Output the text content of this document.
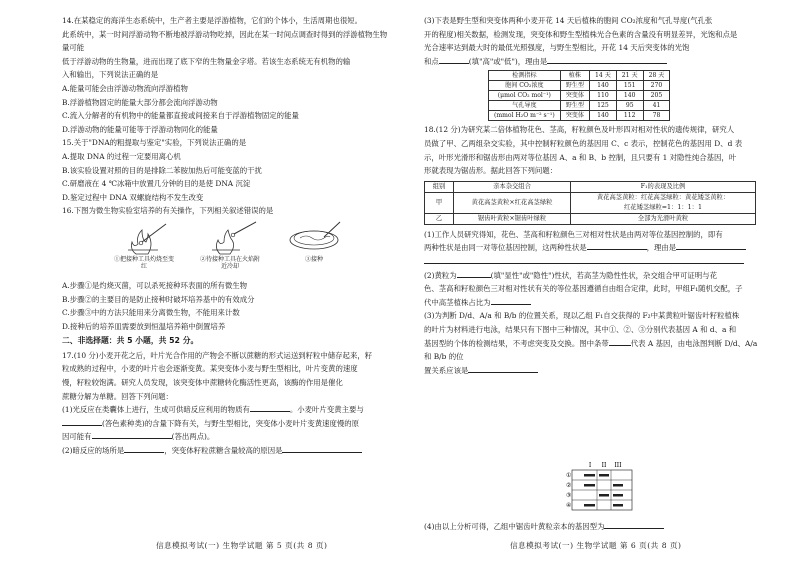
14.在某稳定的海洋生态系统中，生产者主要是浮游植物，它们的个体小，生活周期也很短。

此系统中，某一时间浮游动物不断地被浮游动物吃掉，因此在某一时间点调查时得到的浮游植物生物量可能

低于浮游动物的生物量，进而出现了底下窄的生物量金字塔。若该生态系统无有机物的输

入和输出，下列说法正确的是

A.能量可能会由浮游动物流向浮游植物

B.浮游植物固定的能量大部分都会流向浮游动物

C.流入分解者的有机物中的能量都直接或间接来自于浮游植物固定的能量

D.浮游动物的能量可能等于浮游动物同化的能量

15.关于"DNA的粗提取与鉴定"实验，下列说法正确的是

A.提取 DNA 的过程一定要用离心机

B.该实验设置对照的目的是排除二苯胺加热后可能变蓝的干扰

C.研磨液在 4 ℃冰箱中放置几分钟的目的是使 DNA 沉淀

D.鉴定过程中 DNA 双螺旋结构不发生改变

16.下图为微生物实验室培养的有关操作，下列相关叙述错误的是

①把接种工具灼烧至变红
②待接种工具在火焰附近冷却
③接种

A.步骤①是灼烧灭菌，可以杀死接种环表面的所有微生物

B.步骤②的主要目的是防止接种时破坏培养基中的有效成分

C.步骤③中的方法只能用来分离微生物，不能用来计数

D.接种后的培养皿需要放到恒温培养箱中倒置培养

二、非选择题：共 5 小题，共 52 分。

17.(10 分)小麦开花之后，叶片光合作用的产物会不断以蔗糖的形式运送到籽粒中储存起来，籽

粒成熟的过程中，小麦的叶片也会逐渐变黄。某突变体小麦与野生型相比，叶片变黄的速度

慢，籽粒较饱满。研究人员发现，该突变体中蔗糖转化酶活性更高，该酶的作用是催化

蔗糖分解为单糖。回答下列问题：

(1)光反应在类囊体上进行，生成可供暗反应利用的物质有	。小麦叶片变黄主要与

(答色素种类)的含量下降有关，与野生型相比，突变体小麦叶片变黄速度慢的原

因可能有	(答出两点)。

(2)暗反应的场所是	，突变体籽粒蔗糖含量较高的原因是

信息模拟考试(一) 生物学试题 第 5 页(共 8 页)

(3)下表是野生型和突变体两种小麦开花 14 天后植株的胞间 CO₂浓度和气孔导度(气孔张

开的程度)相关数据，检测发现，突变体和野生型植株光合色素的含量没有明显差异，光饱和点是

光合速率达到最大时的最低光照强度，与野生型相比，开花 14 天后突变体的光饱

和点	(填"高"或"低")，理由是

检测指标	植株	14 天	21 天	28 天
胞间 CO₂浓度	野生型	140	151	270
(μmol CO₂ mol⁻¹)	突变体	110	140	205
气孔导度	野生型	125	95	41
(mmol H₂O m⁻² s⁻¹)	突变体	140	112	78

18.(12 分)为研究某二倍体植物花色、茎高，籽粒颜色及叶形四对相对性状的遗传规律，研究人

员做了甲、乙两组杂交实验，其中控制籽粒颜色的基因用 C、c 表示，控制花色的基因用 D、d 表

示，叶形光滑形和锯齿形由两对等位基因 A、a 和 B、b 控制，且只要有 1 对隐性纯合基因，叶

形就表现为锯齿形。据此回答下列问题：

组别	亲本杂交组合	F₁的表现及比例
甲	黄花高茎黄粒×红花高茎绿粒	黄花高茎黄粒：红花高茎绿粒：黄花矮茎黄粒：
红花矮茎绿粒=1：1：1：1

乙	锯齿叶黄粒×锯齿叶绿粒	全部为光滑叶黄粒

(1)工作人员研究得知，花色、茎高和籽粒颜色三对相对性状是由两对等位基因控制的，即有

两种性状是由同一对等位基因控制，这两种性状是	，理由是

(2)黄粒为	(填"显性"或"隐性")性状，若高茎为隐性性状，杂交组合甲可证明与花

色、茎高和籽粒颜色三对相对性状有关的等位基因遵循自由组合定律，此时，甲组F₁随机交配，子

代中高茎植株占比为

(3)为判断 D/d、A/a 和 B/b 的位置关系，现以乙组 F₁自交获得的 F₂中某黄粒叶锯齿叶籽粒植株

的叶片为材料进行电泳，结果只有下图中三种情况，其中①、②、③分别代表基因 A 和 d、a 和

基因型的个体的检测结果，不考虑突变及交换。图中条带	代表 A 基因，由电泳图判断 D/d、A/a 和 B/b 的位

置关系应该是

I II III
①
②
③
④

(4)由以上分析可得，乙组中锯齿叶黄粒亲本的基因型为

信息模拟考试(一) 生物学试题 第 6 页(共 8 页)
